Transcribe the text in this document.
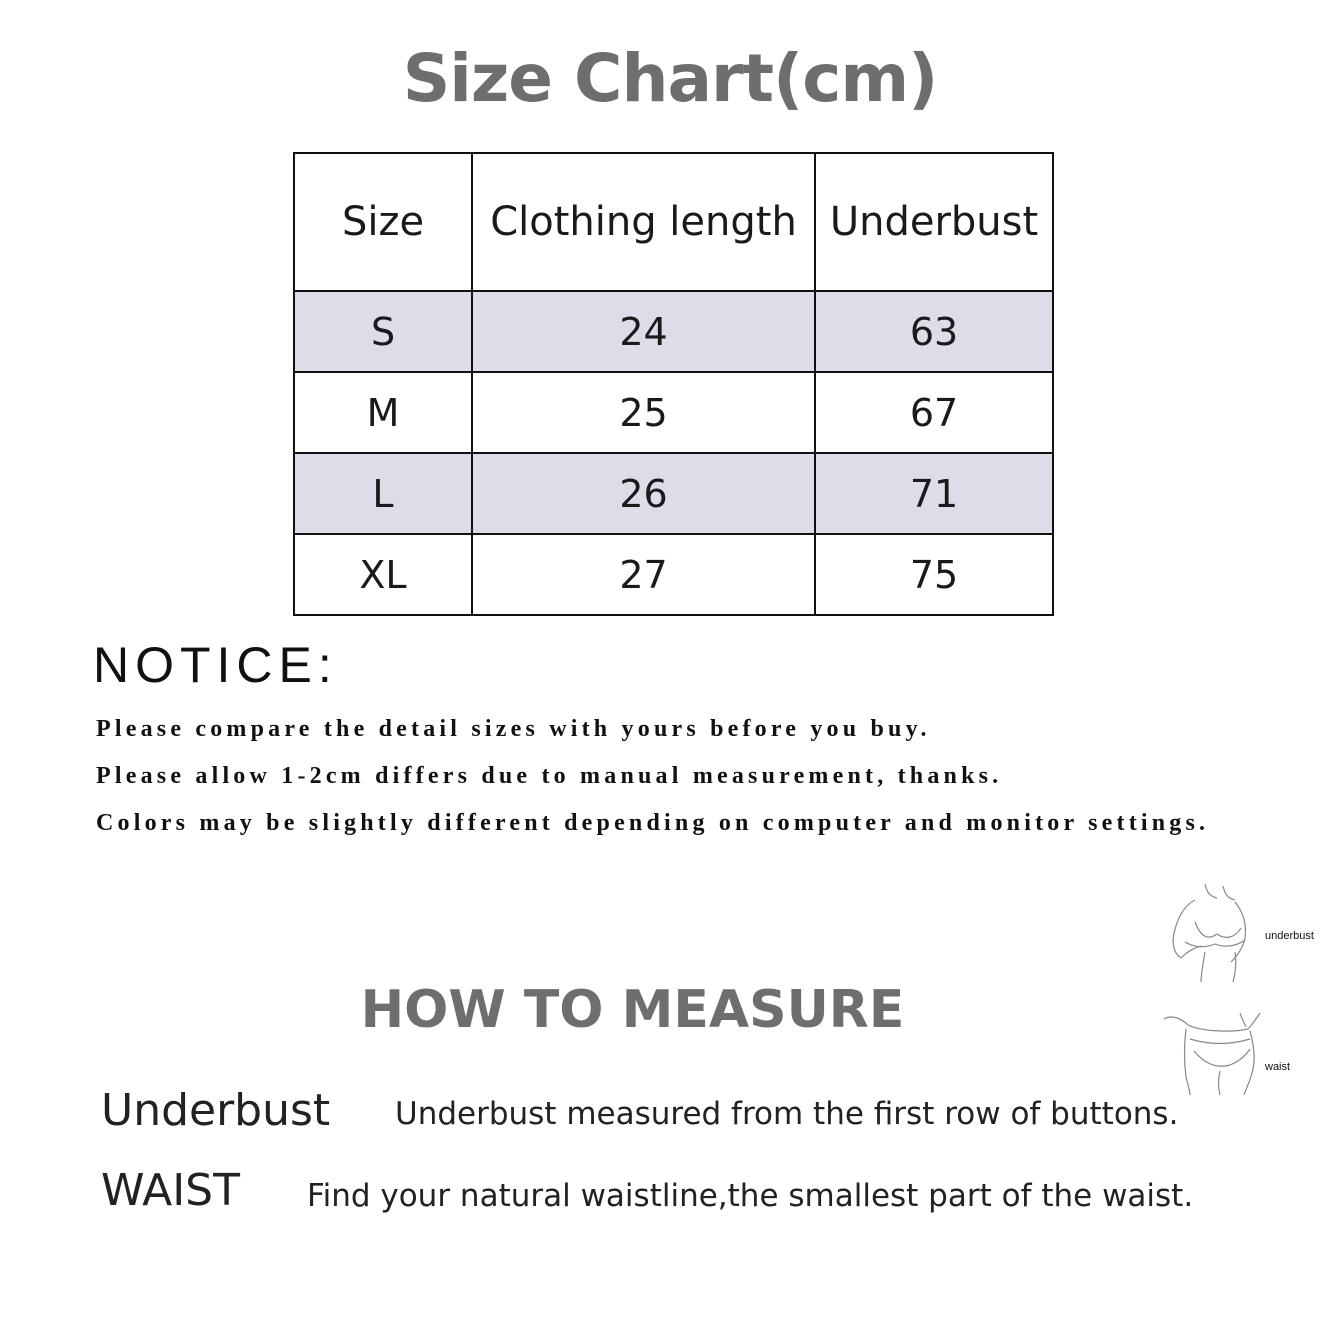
Size Chart(cm)
Size	Clothing length	Underbust
S	24	63
M	25	67
L	26	71
XL	27	75
NOTICE:
Please compare the detail sizes with yours before you buy.
Please allow 1-2cm differs due to manual measurement, thanks.
Colors may be slightly different depending on computer and monitor settings.
underbust
waist
HOW TO MEASURE
Underbust Underbust measured from the first row of buttons.
WAIST Find your natural waistline,the smallest part of the waist.
